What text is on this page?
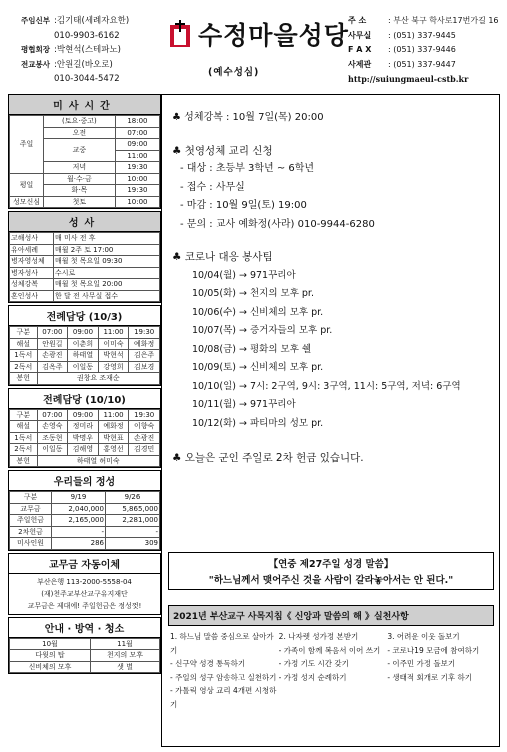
주임신부 : 김기태(세례자요한)
010-9903-6162
평협회장 : 박현석(스테파노)
전교봉사 : 안원길(바오로)
010-3044-5472
수정마을성당
(예수성심)
주 소	: 부산 북구 학사로17번가길 16
사무실	: (051) 337-9445
F A X	: (051) 337-9446
사제관	: (051) 337-9447
http://suiungmaeul-cstb.kr
미사시간
주일	(토요·중고)	18:00
	오전	07:00
	교중	09:00
		11:00
	저녁	19:30
평일	월·수·금	10:00
	화·목	19:30
성모신심	첫토	10:00
성사
고해성사	매 미사 전 후
유아세례	매월 2주 토 17:00
병자영성체	매월 첫 목요일 09:30
병자성사	수시로
성체강복	매월 첫 목요일 20:00
혼인성사	한 달 전 사무실 접수
전례담당 (10/3)
구분	07:00	09:00	11:00	19:30
해설	안원길	이춘희	이미숙	예화정
1독서	손광진	하태열	박현석	김은주
2독서	김옥주	이일동	강영희	김보경
봉헌	권창요 조재순			
전례담당 (10/10)
구분	07:00	09:00	11:00	19:30
해설	손영숙	정미라	예화정	이향숙
1독서	조동현	박명우	박현표	손광진
2독서	이일동	김해영	홍영선	김경민
봉헌	하태열 허미숙			
우리들의 정성
구분	9/19	9/26
교무금	2,040,000	5,865,000
주일헌금	2,165,000	2,281,000
2차헌금	-	-
미사인원	286	309
교무금 자동이체
부산은행 113-2000-5558-04
(재)천주교부산교구유지재단
교무금은 제대에! 주일헌금은 정성껏!
안내 · 방역 · 청소
10월	11월
다윗의 탑	천지의 모후
신비체의 모후	샛 별
♣ 성체강복 : 10월 7일(목) 20:00
♣ 첫영성체 교리 신청
- 대상 : 초등부 3학년 ~ 6학년
- 접수 : 사무실
- 마감 : 10월 9일(토) 19:00
- 문의 : 교사 예화정(사라) 010-9944-6280
♣ 코로나 대응 봉사팀
10/04(월) → 971꾸리아
10/05(화) → 천지의 모후 pr.
10/06(수) → 신비체의 모후 pr.
10/07(목) → 증거자들의 모후 pr.
10/08(금) → 평화의 모후 쉘
10/09(토) → 신비체의 모후 pr.
10/10(일) → 7시: 2구역, 9시: 3구역, 11시: 5구역, 저녁: 6구역
10/11(월) → 971꾸리아
10/12(화) → 파티마의 성모 pr.
♣ 오늘은 군인 주일로 2차 헌금 있습니다.
【연중 제27주일 성경 말씀】
"하느님께서 맺어주신 것을 사람이 갈라놓아서는 안 된다."
2021년 부산교구 사목지침《 신앙과 말씀의 해 》실천사항

1. 하느님 말씀 중심으로 살아가기

- 신구약 성경 통독하기

- 주일의 성구 암송하고 실천하기

- 가톨릭 영상 교리 4개편 시청하기

2. 나자렛 성가정 본받기

- 가족이 함께 복음서 이어 쓰기

- 가정 기도 시간 갖기

- 가정 성지 순례하기

3. 어려운 이웃 돌보기

- 코로나19 모금에 참여하기

- 이주민 가정 돌보기

- 생태적 회개로 기후 하기
